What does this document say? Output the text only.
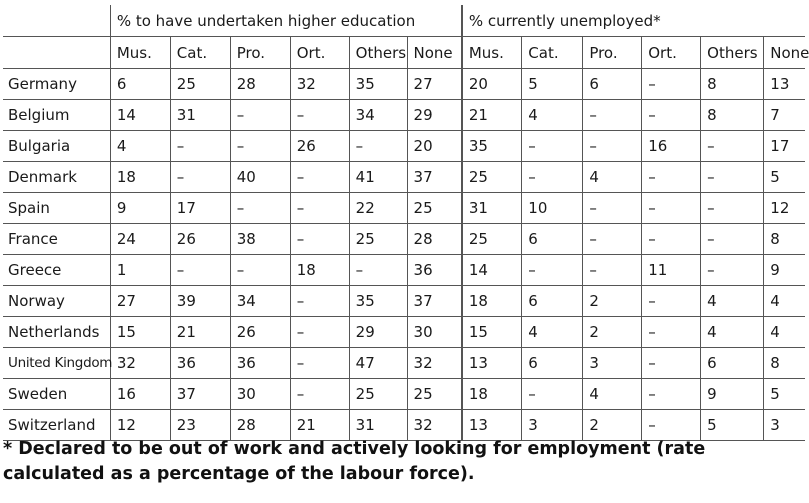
	% to have undertaken higher education						% currently unemployed*					
	Mus.	Cat.	Pro.	Ort.	Others	None	Mus.	Cat.	Pro.	Ort.	Others	None
Germany	6	25	28	32	35	27	20	5	6	–	8	13
Belgium	14	31	–	–	34	29	21	4	–	–	8	7
Bulgaria	4	–	–	26	–	20	35	–	–	16	–	17
Denmark	18	–	40	–	41	37	25	–	4	–	–	5
Spain	9	17	–	–	22	25	31	10	–	–	–	12
France	24	26	38	–	25	28	25	6	–	–	–	8
Greece	1	–	–	18	–	36	14	–	–	11	–	9
Norway	27	39	34	–	35	37	18	6	2	–	4	4
Netherlands	15	21	26	–	29	30	15	4	2	–	4	4
United Kingdom	32	36	36	–	47	32	13	6	3	–	6	8
Sweden	16	37	30	–	25	25	18	–	4	–	9	5
Switzerland	12	23	28	21	31	32	13	3	2	–	5	3
* Declared to be out of work and actively looking for employment (rate calculated as a percentage of the labour force).
